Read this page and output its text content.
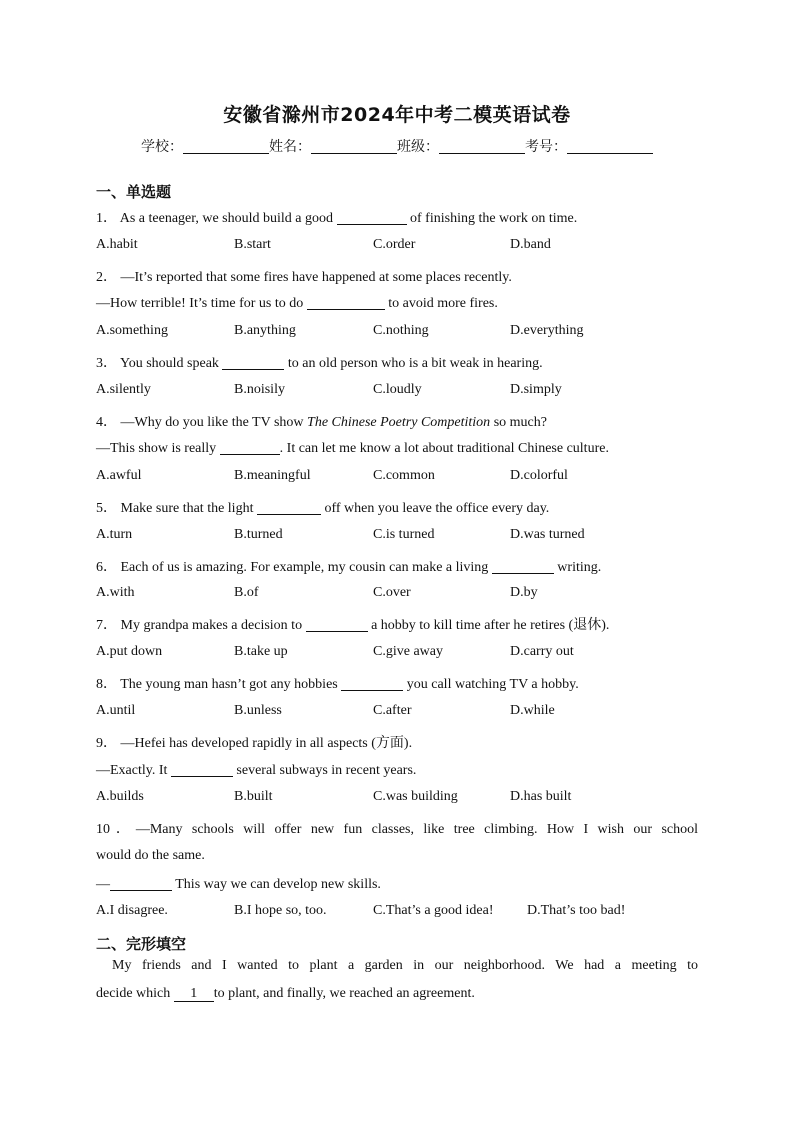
安徽省滁州市2024年中考二模英语试卷
学校：	姓名：	班级：	考号：
一、单选题
1． As a teenager, we should build a good	of finishing the work on time.
A.habit	B.start	C.order	D.band
2． —It’s reported that some fires have happened at some places recently.
—How terrible! It’s time for us to do	to avoid more fires.
A.something	B.anything	C.nothing	D.everything
3． You should speak	to an old person who is a bit weak in hearing.
A.silently	B.noisily	C.loudly	D.simply
4． —Why do you like the TV show The Chinese Poetry Competition so much?
—This show is really	. It can let me know a lot about traditional Chinese culture.
A.awful	B.meaningful	C.common	D.colorful
5． Make sure that the light	off when you leave the office every day.
A.turn	B.turned	C.is turned	D.was turned
6． Each of us is amazing. For example, my cousin can make a living	writing.
A.with	B.of	C.over	D.by
7． My grandpa makes a decision to	a hobby to kill time after he retires (退休).
A.put down	B.take up	C.give away	D.carry out
8． The young man hasn’t got any hobbies	you call watching TV a hobby.
A.until	B.unless	C.after	D.while
9． —Hefei has developed rapidly in all aspects (方面).
—Exactly. It	several subways in recent years.
A.builds	B.built	C.was building	D.has built
10．—Many schools will offer new fun classes, like tree climbing. How I wish our school
would do the same.
—	This way we can develop new skills.
A.I disagree.	B.I hope so, too.	C.That’s a good idea! D.That’s too bad!
二、完形填空
My friends and I wanted to plant a garden in our neighborhood. We had a meeting to
decide which 1 to plant, and finally, we reached an agreement.
